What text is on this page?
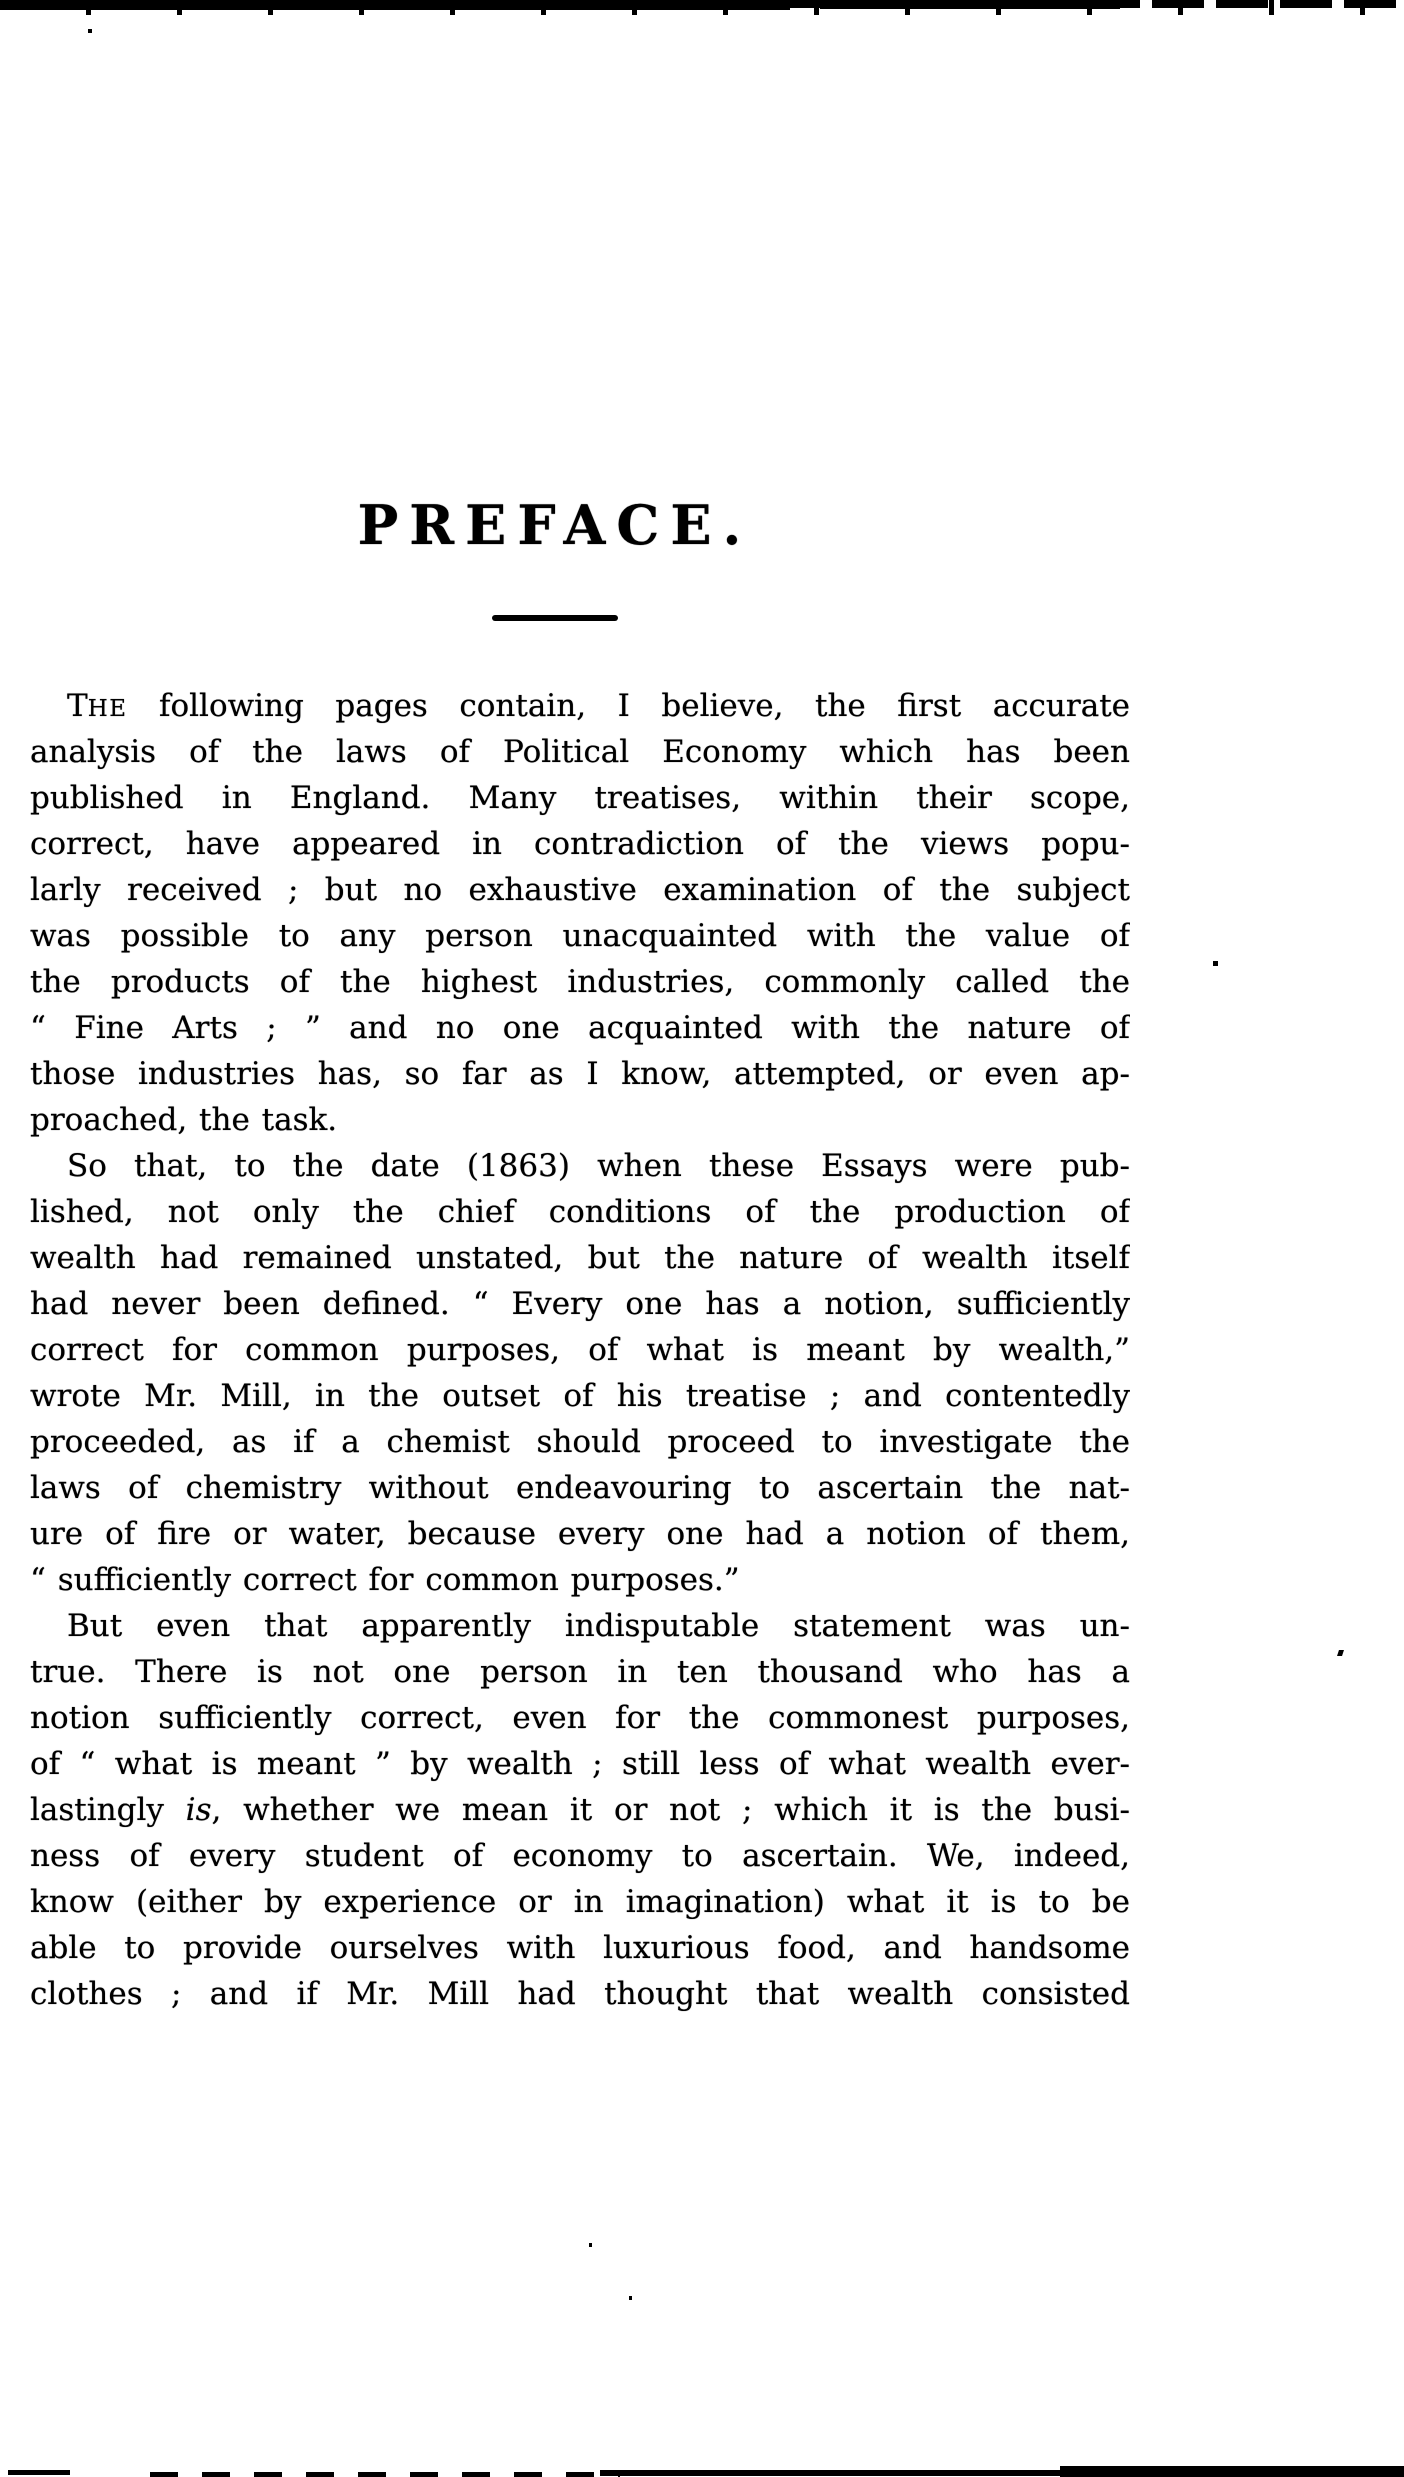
PREFACE.
THE following pages contain, I believe, the first accurate
analysis of the laws of Political Economy which has been
published in England. Many treatises, within their scope,
correct, have appeared in contradiction of the views popu-
larly received ; but no exhaustive examination of the subject
was possible to any person unacquainted with the value of
the products of the highest industries, commonly called the
“ Fine Arts ; ” and no one acquainted with the nature of
those industries has, so far as I know, attempted, or even ap-
proached, the task.
So that, to the date (1863) when these Essays were pub-
lished, not only the chief conditions of the production of
wealth had remained unstated, but the nature of wealth itself
had never been defined. “ Every one has a notion, sufficiently
correct for common purposes, of what is meant by wealth,”
wrote Mr. Mill, in the outset of his treatise ; and contentedly
proceeded, as if a chemist should proceed to investigate the
laws of chemistry without endeavouring to ascertain the nat-
ure of fire or water, because every one had a notion of them,
“ sufficiently correct for common purposes.”
But even that apparently indisputable statement was un-
true. There is not one person in ten thousand who has a
notion sufficiently correct, even for the commonest purposes,
of “ what is meant ” by wealth ; still less of what wealth ever-
lastingly is, whether we mean it or not ; which it is the busi-
ness of every student of economy to ascertain. We, indeed,
know (either by experience or in imagination) what it is to be
able to provide ourselves with luxurious food, and handsome
clothes ; and if Mr. Mill had thought that wealth consisted
